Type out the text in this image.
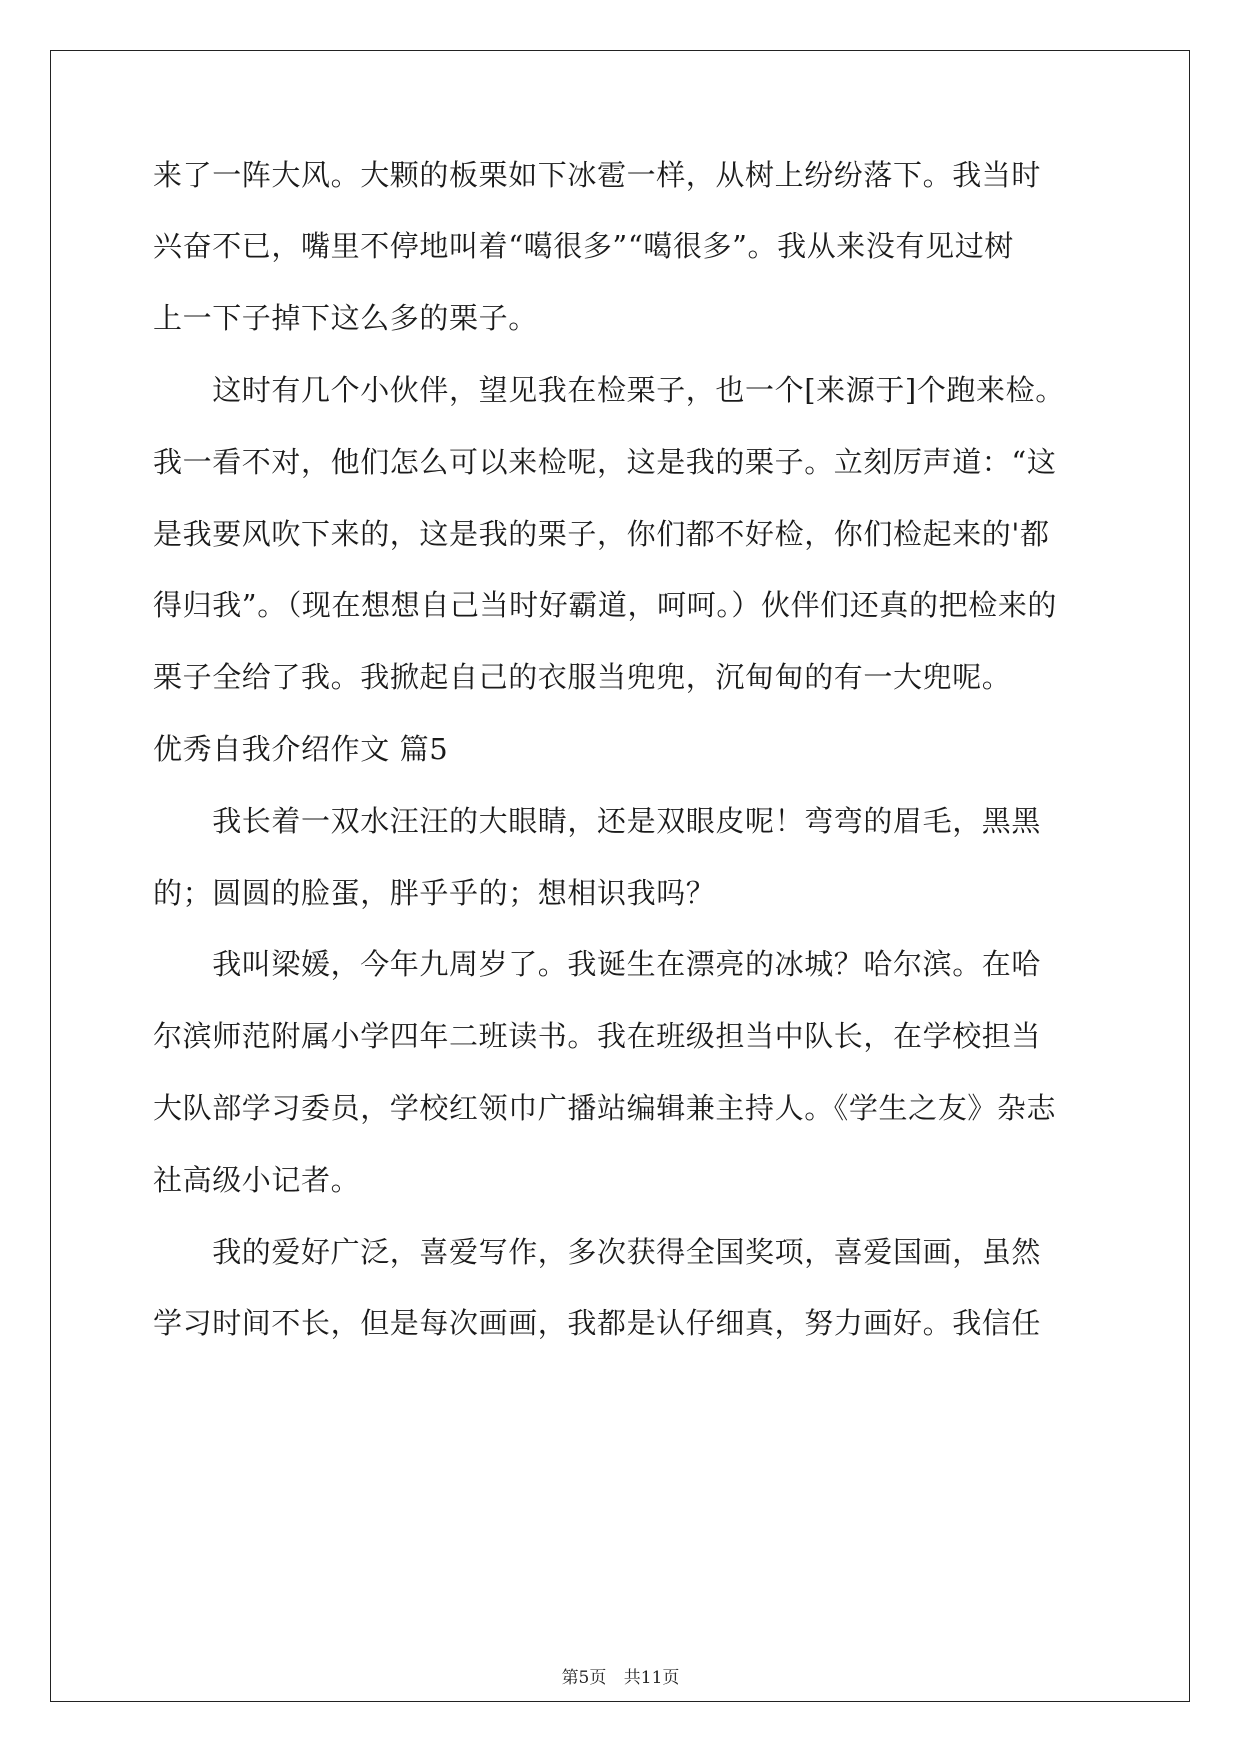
来了一阵大风。大颗的板栗如下冰雹一样，从树上纷纷落下。我当时
兴奋不已，嘴里不停地叫着“噶很多”“噶很多”。我从来没有见过树
上一下子掉下这么多的栗子。
　　这时有几个小伙伴，望见我在检栗子，也一个[来源于]个跑来检。
我一看不对，他们怎么可以来检呢，这是我的栗子。立刻厉声道：“这
是我要风吹下来的，这是我的栗子，你们都不好检，你们检起来的'都
得归我”。（现在想想自己当时好霸道，呵呵。）伙伴们还真的把检来的
栗子全给了我。我掀起自己的衣服当兜兜，沉甸甸的有一大兜呢。
优秀自我介绍作文 篇5
　　我长着一双水汪汪的大眼睛，还是双眼皮呢！弯弯的眉毛，黑黑
的；圆圆的脸蛋，胖乎乎的；想相识我吗？
　　我叫梁媛，今年九周岁了。我诞生在漂亮的冰城？哈尔滨。在哈
尔滨师范附属小学四年二班读书。我在班级担当中队长，在学校担当
大队部学习委员，学校红领巾广播站编辑兼主持人。《学生之友》杂志
社高级小记者。
　　我的爱好广泛，喜爱写作，多次获得全国奖项，喜爱国画，虽然
学习时间不长，但是每次画画，我都是认仔细真，努力画好。我信任
第5页 共11页
